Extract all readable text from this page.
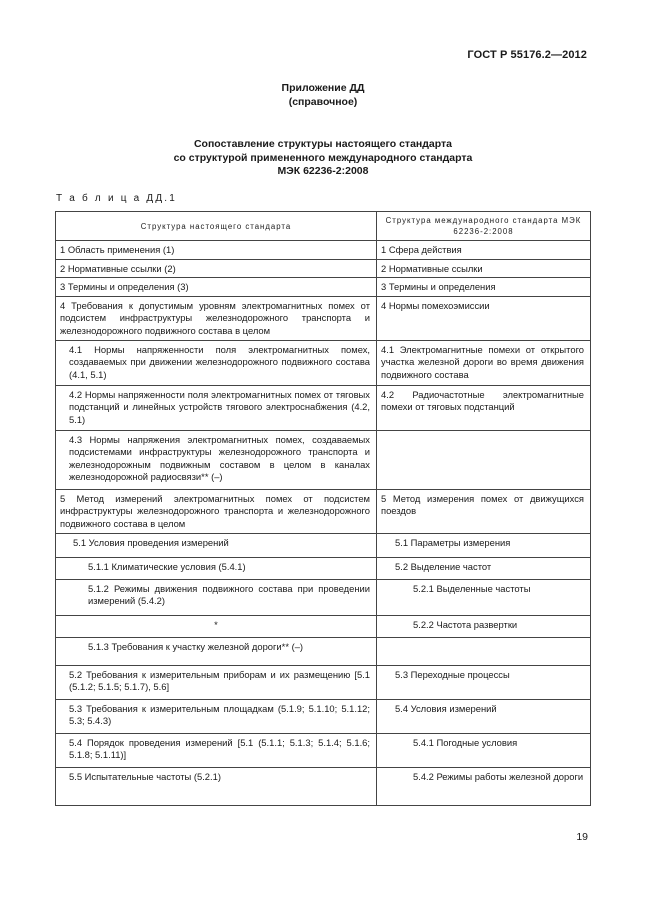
ГОСТ Р 55176.2—2012
Приложение ДД
(справочное)
Сопоставление структуры настоящего стандарта
со структурой примененного международного стандарта
МЭК 62236-2:2008
Т а б л и ц а ДД.1
Структура настоящего стандарта	Структура международного стандарта МЭК 62236-2:2008

1 Область применения (1)	1 Сфера действия

2 Нормативные ссылки (2)	2 Нормативные ссылки

3 Термины и определения (3)	3 Термины и определения

4 Требования к допустимым уровням электромагнитных помех от подсистем инфраструктуры железнодорожного транспорта и железнодорожного подвижного состава в целом	4 Нормы помехоэмиссии

4.1 Нормы напряженности поля электромагнитных помех, создаваемых при движении железнодорожного подвижного состава (4.1, 5.1)	4.1 Электромагнитные помехи от открытого участка железной дороги во время движения подвижного состава

4.2 Нормы напряженности поля электромагнитных помех от тяговых подстанций и линейных устройств тягового электроснабжения (4.2, 5.1)	4.2 Радиочастотные электромагнитные помехи от тяговых подстанций

4.3 Нормы напряжения электромагнитных помех, создаваемых подсистемами инфраструктуры железнодорожного транспорта и железнодорожным подвижным составом в целом в каналах железнодорожной радиосвязи** (–)	

5 Метод измерений электромагнитных помех от подсистем инфраструктуры железнодорожного транспорта и железнодорожного подвижного состава в целом	5 Метод измерения помех от движущихся поездов

5.1 Условия проведения измерений	5.1 Параметры измерения

5.1.1 Климатические условия (5.4.1)	5.2 Выделение частот

5.1.2 Режимы движения подвижного состава при проведении измерений (5.4.2)	5.2.1 Выделенные частоты

*	5.2.2 Частота развертки

5.1.3 Требования к участку железной дороги** (–)	

5.2 Требования к измерительным приборам и их размещению [5.1 (5.1.2; 5.1.5; 5.1.7), 5.6]	5.3 Переходные процессы

5.3 Требования к измерительным площадкам (5.1.9; 5.1.10; 5.1.12; 5.3; 5.4.3)	5.4 Условия измерений

5.4 Порядок проведения измерений [5.1 (5.1.1; 5.1.3; 5.1.4; 5.1.6; 5.1.8; 5.1.11)]	5.4.1 Погодные условия

5.5 Испытательные частоты (5.2.1)	5.4.2 Режимы работы железной дороги
19
